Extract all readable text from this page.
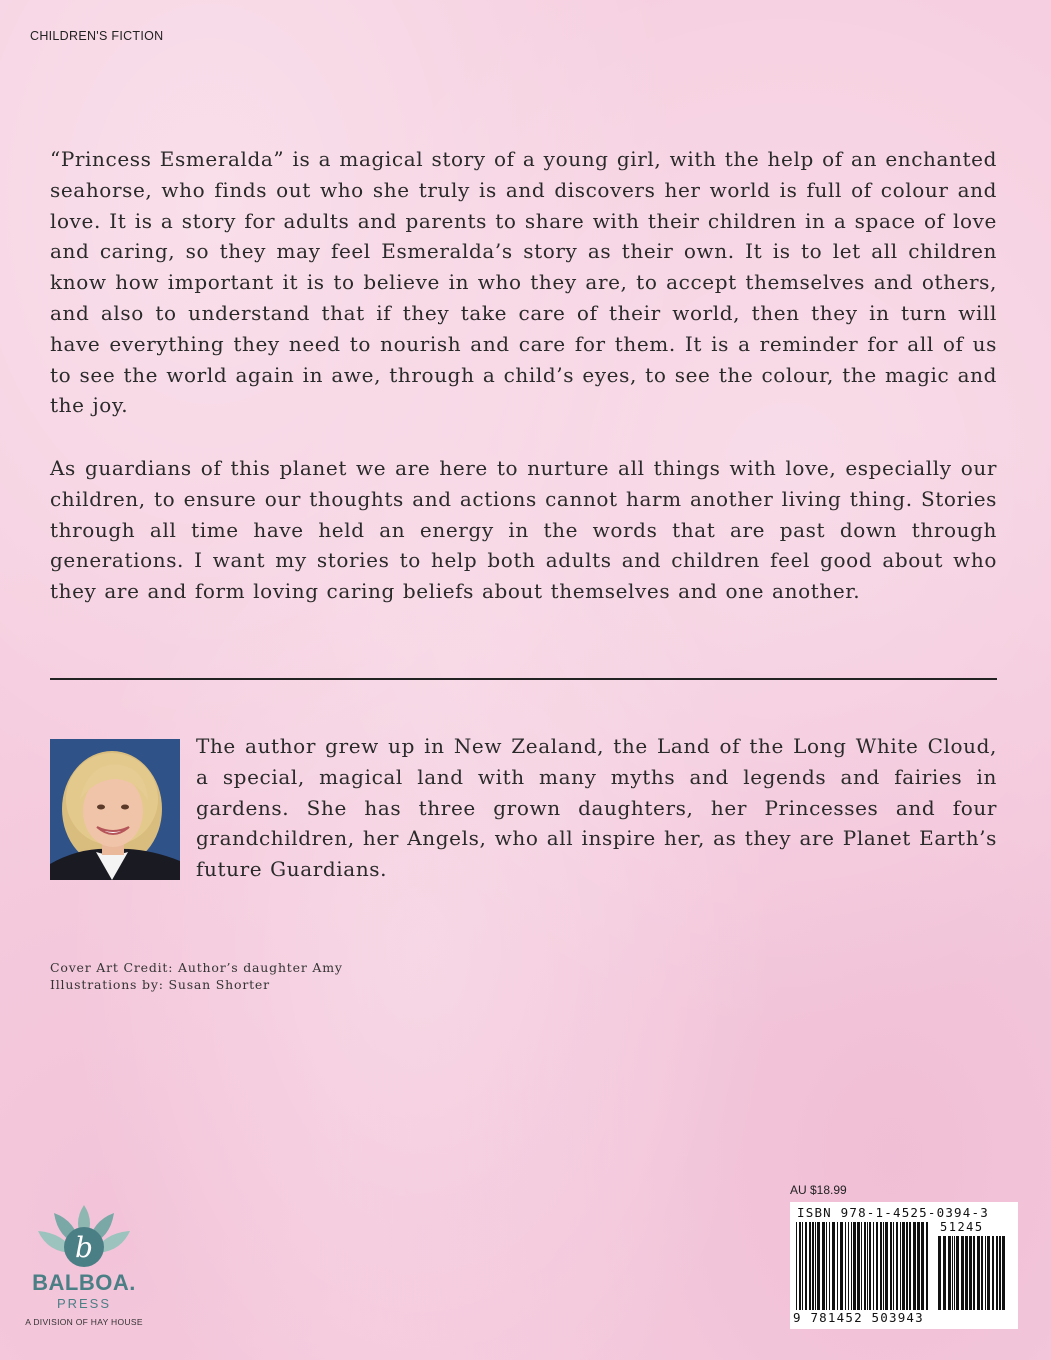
CHILDREN'S FICTION

“Princess Esmeralda” is a magical story of a young girl, with the help of an enchanted seahorse, who finds out who she truly is and discovers her world is full of colour and love. It is a story for adults and parents to share with their children in a space of love and caring, so they may feel Esmeralda’s story as their own. It is to let all children know how important it is to believe in who they are, to accept themselves and others, and also to understand that if they take care of their world, then they in turn will have everything they need to nourish and care for them. It is a reminder for all of us to see the world again in awe, through a child’s eyes, to see the colour, the magic and the joy.

As guardians of this planet we are here to nurture all things with love, especially our children, to ensure our thoughts and actions cannot harm another living thing. Stories through all time have held an energy in the words that are past down through generations. I want my stories to help both adults and children feel good about who they are and form loving caring beliefs about themselves and one another.

The author grew up in New Zealand, the Land of the Long White Cloud, a special, magical land with many myths and legends and fairies in gardens. She has three grown daughters, her Princesses and four grandchildren, her Angels, who all inspire her, as they are Planet Earth’s future Guardians.

Cover Art Credit: Author’s daughter Amy
Illustrations by: Susan Shorter
AU $18.99
ISBN 978-1-4525-0394-3
51245
9 781452 503943
b
BALBOA.
PRESS
A DIVISION OF HAY HOUSE
